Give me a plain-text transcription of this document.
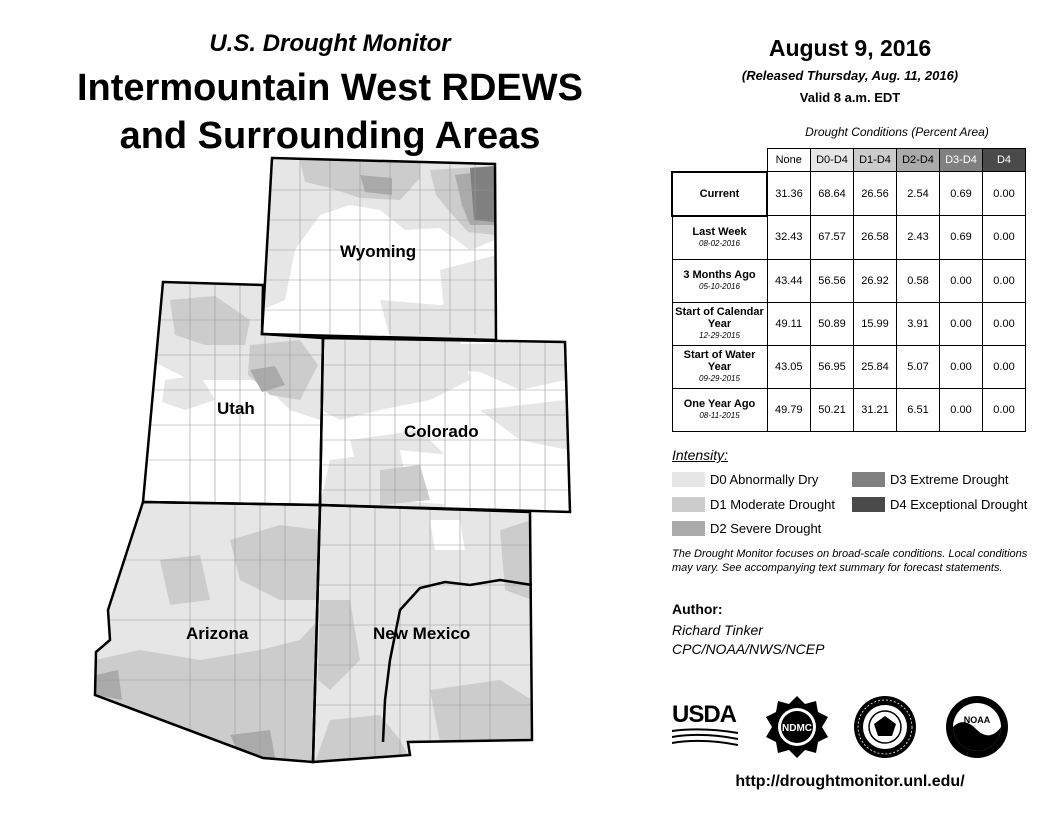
U.S. Drought Monitor
Intermountain West RDEWS
and Surrounding Areas
Wyoming
Utah
Colorado
Arizona	New Mexico
August 9, 2016
(Released Thursday, Aug. 11, 2016)
Valid 8 a.m. EDT
Drought Conditions (Percent Area)
	None	D0-D4	D1-D4	D2-D4	D3-D4	D4
Current	31.36	68.64	26.56	2.54	0.69	0.00
Last Week
08-02-2016	32.43	67.57	26.58	2.43	0.69	0.00
3 Months Ago
05-10-2016	43.44	56.56	26.92	0.58	0.00	0.00
Start of Calendar Year
12-29-2015	49.11	50.89	15.99	3.91	0.00	0.00
Start of Water Year
09-29-2015	43.05	56.95	25.84	5.07	0.00	0.00
One Year Ago
08-11-2015	49.79	50.21	31.21	6.51	0.00	0.00
Intensity:
D0 Abnormally Dry
D1 Moderate Drought
D2 Severe Drought
D3 Extreme Drought
D4 Exceptional Drought
The Drought Monitor focuses on broad-scale conditions. Local conditions may vary. See accompanying text summary for forecast statements.
Author:
Richard Tinker
CPC/NOAA/NWS/NCEP
USDA
NDMC
NOAA
http://droughtmonitor.unl.edu/
